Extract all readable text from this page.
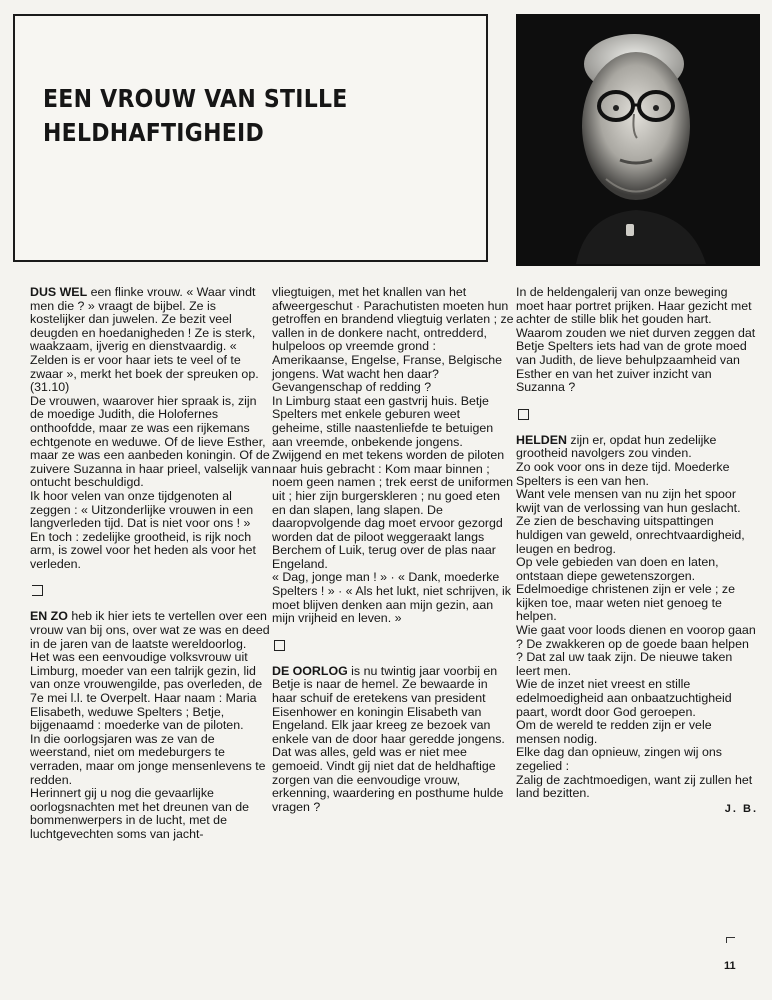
EEN VROUW VAN STILLE
HELDHAFTIGHEID

DUS WEL een flinke vrouw. « Waar vindt men die ? » vraagt de bijbel. Ze is kostelijker dan juwelen. Ze bezit veel deugden en hoedanigheden ! Ze is sterk, waakzaam, ijverig en dienstvaardig. « Zelden is er voor haar iets te veel of te zwaar », merkt het boek der spreuken op. (31.10)

De vrouwen, waarover hier spraak is, zijn de moedige Judith, die Holofernes onthoofdde, maar ze was een rijkemans echtgenote en weduwe. Of de lieve Esther, maar ze was een aanbeden koningin. Of de zuivere Suzanna in haar prieel, valselijk van ontucht beschuldigd.

Ik hoor velen van onze tijdgenoten al zeggen : « Uitzonderlijke vrouwen in een langverleden tijd. Dat is niet voor ons ! »

En toch : zedelijke grootheid, is rijk noch arm, is zowel voor het heden als voor het verleden.

EN ZO heb ik hier iets te vertellen over een vrouw van bij ons, over wat ze was en deed in de jaren van de laatste wereldoorlog.

Het was een eenvoudige volksvrouw uit Limburg, moeder van een talrijk gezin, lid van onze vrouwengilde, pas overleden, de 7e mei l.l. te Overpelt. Haar naam : Maria Elisabeth, weduwe Spelters ; Betje, bijgenaamd : moederke van de piloten.

In die oorlogsjaren was ze van de weerstand, niet om medeburgers te verraden, maar om jonge mensenlevens te redden.

Herinnert gij u nog die gevaarlijke oorlogsnachten met het dreunen van de bommenwerpers in de lucht, met de luchtgevechten soms van jacht-

vliegtuigen, met het knallen van het afweergeschut · Parachutisten moeten hun getroffen en brandend vliegtuig verlaten ; ze vallen in de donkere nacht, ontredderd, hulpeloos op vreemde grond : Amerikaanse, Engelse, Franse, Belgische jongens. Wat wacht hen daar? Gevangenschap of redding ?

In Limburg staat een gastvrij huis. Betje Spelters met enkele geburen weet geheime, stille naastenliefde te betuigen aan vreemde, onbekende jongens.

Zwijgend en met tekens worden de piloten naar huis gebracht : Kom maar binnen ; noem geen namen ; trek eerst de uniformen uit ; hier zijn burgerskleren ; nu goed eten en dan slapen, lang slapen. De daaropvolgende dag moet ervoor gezorgd worden dat de piloot weggeraakt langs Berchem of Luik, terug over de plas naar Engeland.

« Dag, jonge man ! » · « Dank, moederke Spelters ! » · « Als het lukt, niet schrijven, ik moet blijven denken aan mijn gezin, aan mijn vrijheid en leven. »

DE OORLOG is nu twintig jaar voorbij en Betje is naar de hemel. Ze bewaarde in haar schuif de eretekens van president Eisenhower en koningin Elisabeth van Engeland. Elk jaar kreeg ze bezoek van enkele van de door haar geredde jongens. Dat was alles, geld was er niet mee gemoeid. Vindt gij niet dat de heldhaftige zorgen van die eenvoudige vrouw, erkenning, waardering en posthume hulde vragen ?

In de heldengalerij van onze beweging moet haar portret prijken. Haar gezicht met achter de stille blik het gouden hart. Waarom zouden we niet durven zeggen dat Betje Spelters iets had van de grote moed van Judith, de lieve behulpzaamheid van Esther en van het zuiver inzicht van Suzanna ?

HELDEN zijn er, opdat hun zedelijke grootheid navolgers zou vinden.

Zo ook voor ons in deze tijd. Moederke Spelters is een van hen.

Want vele mensen van nu zijn het spoor kwijt van de verlossing van hun geslacht. Ze zien de beschaving uitspattingen huldigen van geweld, onrechtvaardigheid, leugen en bedrog.

Op vele gebieden van doen en laten, ontstaan diepe gewetenszorgen.

Edelmoedige christenen zijn er vele ; ze kijken toe, maar weten niet genoeg te helpen.

Wie gaat voor loods dienen en voorop gaan ? De zwakkeren op de goede baan helpen ? Dat zal uw taak zijn. De nieuwe taken leert men.

Wie de inzet niet vreest en stille edelmoedigheid aan onbaatzuchtigheid paart, wordt door God geroepen.

Om de wereld te redden zijn er vele mensen nodig.

Elke dag dan opnieuw, zingen wij ons zegelied :

Zalig de zachtmoedigen, want zij zullen het land bezitten.

J. B.
11
